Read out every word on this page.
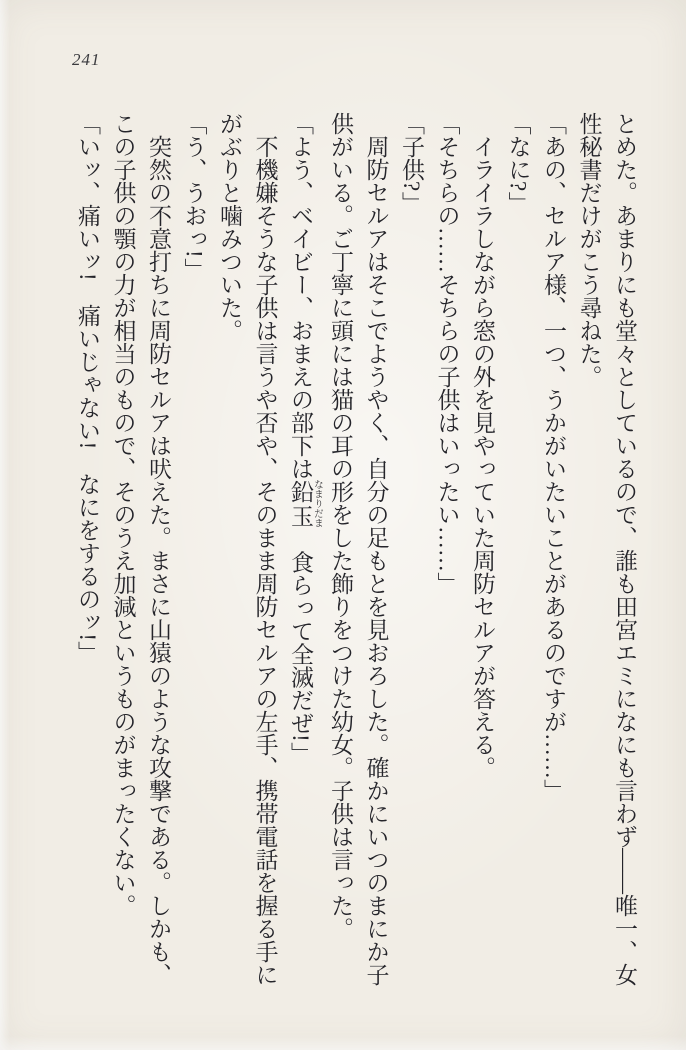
241

とめた。あまりにも堂々としているので、誰も田宮エミになにも言わず——唯一、女性秘書だけがこう尋ねた。

「あの、セルア様、一つ、うかがいたいことがあるのですが……」

「なに?」

イライラしながら窓の外を見やっていた周防セルアが答える。

「そちらの……そちらの子供はいったい……」

「子供?」

周防セルアはそこでようやく、自分の足もとを見おろした。確かにいつのまにか子供がいる。ご丁寧に頭には猫の耳の形をした飾りをつけた幼女。子供は言った。

「よう、ベイビー、おまえの部下は鉛玉 なまりだま　食らって全滅だぜ!」

不機嫌そうな子供は言うや否や、そのまま周防セルアの左手、携帯電話を握る手にがぶりと噛みついた。

「う、うおっ!」

突然の不意打ちに周防セルアは吠えた。まさに山猿のような攻撃である。しかも、この子供の顎の力が相当のもので、そのうえ加減というものがまったくない。

「いッ、痛いッ!　痛いじゃない!　なにをするのッ!」
